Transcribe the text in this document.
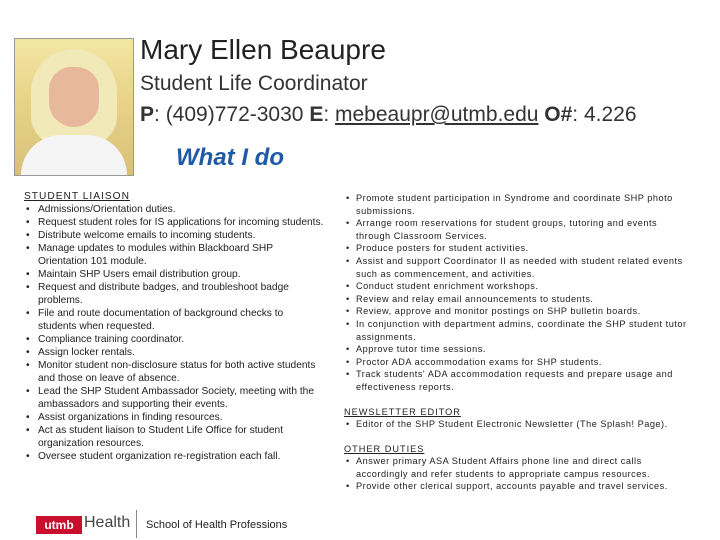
Mary Ellen Beaupre
Student Life Coordinator
P: (409)772-3030 E: mebeaupr@utmb.edu O#: 4.226
What I do
STUDENT LIAISON
• Admissions/Orientation duties.
• Request student roles for IS applications for incoming students.
• Distribute welcome emails to incoming students.
• Manage updates to modules within Blackboard SHP Orientation 101 module.
• Maintain SHP Users email distribution group.
• Request and distribute badges, and troubleshoot badge problems.
• File and route documentation of background checks to students when requested.
• Compliance training coordinator.
• Assign locker rentals.
• Monitor student non-disclosure status for both active students and those on leave of absence.
• Lead the SHP Student Ambassador Society, meeting with the ambassadors and supporting their events.
• Assist organizations in finding resources.
• Act as student liaison to Student Life Office for student organization resources.
• Oversee student organization re-registration each fall.
• Promote student participation in Syndrome and coordinate SHP photo submissions.
• Arrange room reservations for student groups, tutoring and events through Classroom Services.
• Produce posters for student activities.
• Assist and support Coordinator II as needed with student related events such as commencement, and activities.
• Conduct student enrichment workshops.
• Review and relay email announcements to students.
• Review, approve and monitor postings on SHP bulletin boards.
• In conjunction with department admins, coordinate the SHP student tutor assignments.
• Approve tutor time sessions.
• Proctor ADA accommodation exams for SHP students.
• Track students' ADA accommodation requests and prepare usage and effectiveness reports.
NEWSLETTER EDITOR
• Editor of the SHP Student Electronic Newsletter (The Splash! Page).
OTHER DUTIES
• Answer primary ASA Student Affairs phone line and direct calls accordingly and refer students to appropriate campus resources.
• Provide other clerical support, accounts payable and travel services.
utmb Health School of Health Professions
